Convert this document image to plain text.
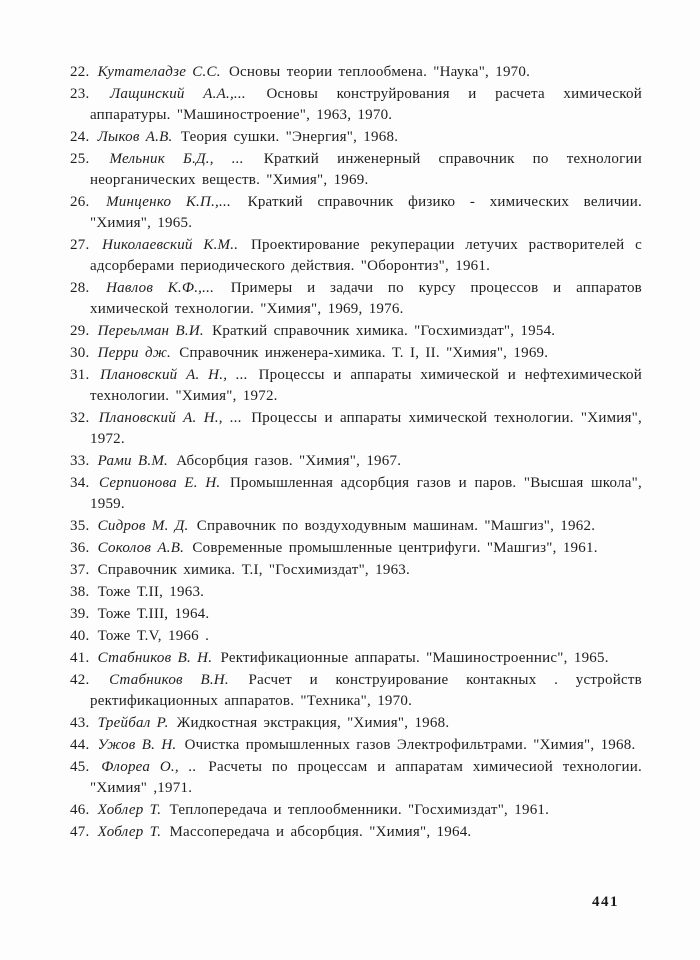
22. Кутателадзе С.С. Основы теории теплообмена. "Наука", 1970.
23. Лащинский А.А.,... Основы конструйрования и расчета химической аппаратуры. "Машиностроение", 1963, 1970.
24. Лыков А.В. Теория сушки. "Энергия", 1968.
25. Мельник Б.Д., ... Краткий инженерный справочник по технологии неорганических веществ. "Химия", 1969.
26. Минценко К.П.,... Краткий справочник физико - химических величии. "Химия", 1965.
27. Николаевский К.М.. Проектирование рекуперации летучих растворителей с адсорберами периодического действия. "Оборонтиз", 1961.
28. Навлов К.Ф.,... Примеры и задачи по курсу процессов и аппаратов химической технологии. "Химия", 1969, 1976.
29. Переьлман В.И. Краткий справочник химика. "Госхимиздат", 1954.
30. Перри дж. Справочник инженера-химика. Т. I, II. "Химия", 1969.
31. Плановский А. Н., ... Процессы и аппараты химической и нефтехимической технологии. "Химия", 1972.
32. Плановский А. Н., ... Процессы и аппараты химической технологии. "Химия", 1972.
33. Рами В.М. Абсорбция газов. "Химия", 1967.
34. Серпионова Е. Н. Промышленная адсорбция газов и паров. "Высшая школа", 1959.
35. Сидров М. Д. Справочник по воздуходувным машинам. "Машгиз", 1962.
36. Соколов А.В. Современные промышленные центрифуги. "Машгиз", 1961.
37. Справочник химика. Т.I, "Госхимиздат", 1963.
38. Тоже Т.II, 1963.
39. Тоже Т.III, 1964.
40. Тоже Т.V, 1966 .
41. Стабников В. Н. Ректификационные аппараты. "Машиностроеннис", 1965.
42. Стабников В.Н. Расчет и конструирование контакных . устройств ректификационных аппаратов. "Техника", 1970.
43. Трейбал Р. Жидкостная экстракция, "Химия", 1968.
44. Ужов В. Н. Очистка промышленных газов Электрофильтрами. "Химия", 1968.
45. Флореа О., .. Расчеты по процессам и аппаратам химичесиой технологии. "Химия" ,1971.
46. Хоблер Т. Теплопередача и теплообменники. "Госхимиздат", 1961.
47. Хоблер Т. Массопередача и абсорбция. "Химия", 1964.
441
